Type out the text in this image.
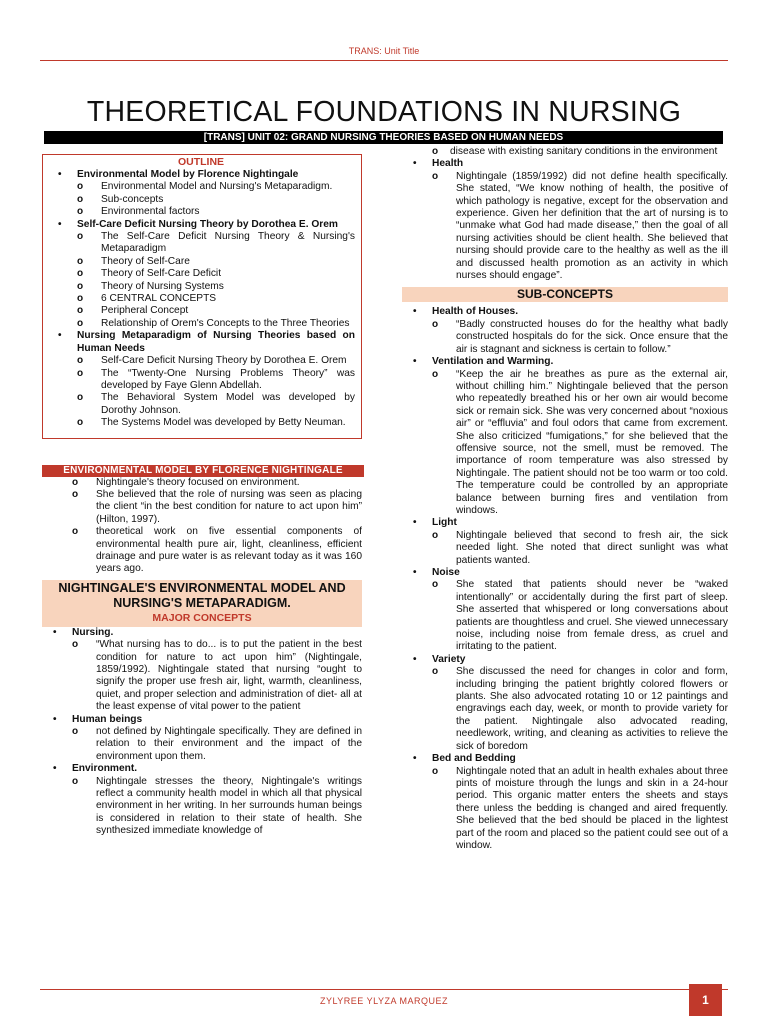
TRANS: Unit Title
THEORETICAL FOUNDATIONS IN NURSING
[TRANS] UNIT 02: GRAND NURSING THEORIES BASED ON HUMAN NEEDS
OUTLINE
• Environmental Model by Florence Nightingale
o Environmental Model and Nursing's Metaparadigm.
o Sub-concepts
o Environmental factors
• Self-Care Deficit Nursing Theory by Dorothea E. Orem
o The Self-Care Deficit Nursing Theory & Nursing's Metaparadigm
o Theory of Self-Care
o Theory of Self-Care Deficit
o Theory of Nursing Systems
o 6 CENTRAL CONCEPTS
o Peripheral Concept
o Relationship of Orem's Concepts to the Three Theories
• Nursing Metaparadigm of Nursing Theories based on Human Needs
o Self-Care Deficit Nursing Theory by Dorothea E. Orem
o The “Twenty-One Nursing Problems Theory” was developed by Faye Glenn Abdellah.
o The Behavioral System Model was developed by Dorothy Johnson.
o The Systems Model was developed by Betty Neuman.
ENVIRONMENTAL MODEL BY FLORENCE NIGHTINGALE
o Nightingale's theory focused on environment.
o She believed that the role of nursing was seen as placing the client “in the best condition for nature to act upon him” (Hilton, 1997).
o theoretical work on five essential components of environmental health pure air, light, cleanliness, efficient drainage and pure water is as relevant today as it was 160 years ago.
NIGHTINGALE'S ENVIRONMENTAL MODEL AND NURSING'S METAPARADIGM.
MAJOR CONCEPTS
• Nursing.
o “What nursing has to do... is to put the patient in the best condition for nature to act upon him” (Nightingale, 1859/1992). Nightingale stated that nursing “ought to signify the proper use fresh air, light, warmth, cleanliness, quiet, and proper selection and administration of diet- all at the least expense of vital power to the patient
• Human beings
o not defined by Nightingale specifically. They are defined in relation to their environment and the impact of the environment upon them.
• Environment.
o Nightingale stresses the theory, Nightingale's writings reflect a community health model in which all that physical environment in her writing. In her surrounds human beings is considered in relation to their state of health. She synthesized immediate knowledge of
o disease with existing sanitary conditions in the environment
• Health
o Nightingale (1859/1992) did not define health specifically. She stated, “We know nothing of health, the positive of which pathology is negative, except for the observation and experience. Given her definition that the art of nursing is to “unmake what God had made disease,” then the goal of all nursing activities should be client health. She believed that nursing should provide care to the healthy as well as the ill and discussed health promotion as an activity in which nurses should engage”.
SUB-CONCEPTS
• Health of Houses.
o “Badly constructed houses do for the healthy what badly constructed hospitals do for the sick. Once ensure that the air is stagnant and sickness is certain to follow.”
• Ventilation and Warming.
o “Keep the air he breathes as pure as the external air, without chilling him.” Nightingale believed that the person who repeatedly breathed his or her own air would become sick or remain sick. She was very concerned about “noxious air” or “effluvia” and foul odors that came from excrement. She also criticized “fumigations,” for she believed that the offensive source, not the smell, must be removed. The importance of room temperature was also stressed by Nightingale. The patient should not be too warm or too cold. The temperature could be controlled by an appropriate balance between burning fires and ventilation from windows.
• Light
o Nightingale believed that second to fresh air, the sick needed light. She noted that direct sunlight was what patients wanted.
• Noise
o She stated that patients should never be “waked intentionally” or accidentally during the first part of sleep. She asserted that whispered or long conversations about patients are thoughtless and cruel. She viewed unnecessary noise, including noise from female dress, as cruel and irritating to the patient.
• Variety
o She discussed the need for changes in color and form, including bringing the patient brightly colored flowers or plants. She also advocated rotating 10 or 12 paintings and engravings each day, week, or month to provide variety for the patient. Nightingale also advocated reading, needlework, writing, and cleaning as activities to relieve the sick of boredom
• Bed and Bedding
o Nightingale noted that an adult in health exhales about three pints of moisture through the lungs and skin in a 24-hour period. This organic matter enters the sheets and stays there unless the bedding is changed and aired frequently. She believed that the bed should be placed in the lightest part of the room and placed so the patient could see out of a window.
ZYLYREE YLYZA MARQUEZ	1
